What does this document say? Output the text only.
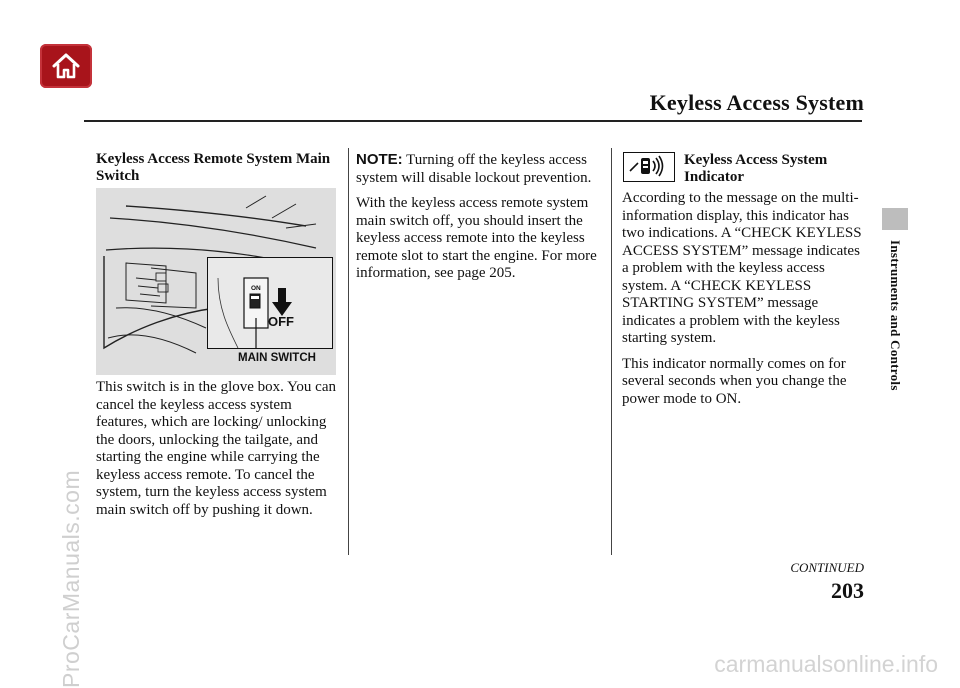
Keyless Access System
Instruments and Controls
Keyless Access Remote System Main Switch
ON
OFF
MAIN SWITCH

This switch is in the glove box. You can cancel the keyless access system features, which are locking/ unlocking the doors, unlocking the tailgate, and starting the engine while carrying the keyless access remote. To cancel the system, turn the keyless access system main switch off by pushing it down.

NOTE: Turning off the keyless access system will disable lockout prevention.

With the keyless access remote system main switch off, you should insert the keyless access remote into the keyless remote slot to start the engine. For more information, see page 205.

Keyless Access System Indicator

According to the message on the multi-information display, this indicator has two indications. A “CHECK KEYLESS ACCESS SYSTEM” message indicates a problem with the keyless access system. A “CHECK KEYLESS STARTING SYSTEM” message indicates a problem with the keyless starting system.

This indicator normally comes on for several seconds when you change the power mode to ON.

CONTINUED
203
ProCarManuals.com	carmanualsonline.info
